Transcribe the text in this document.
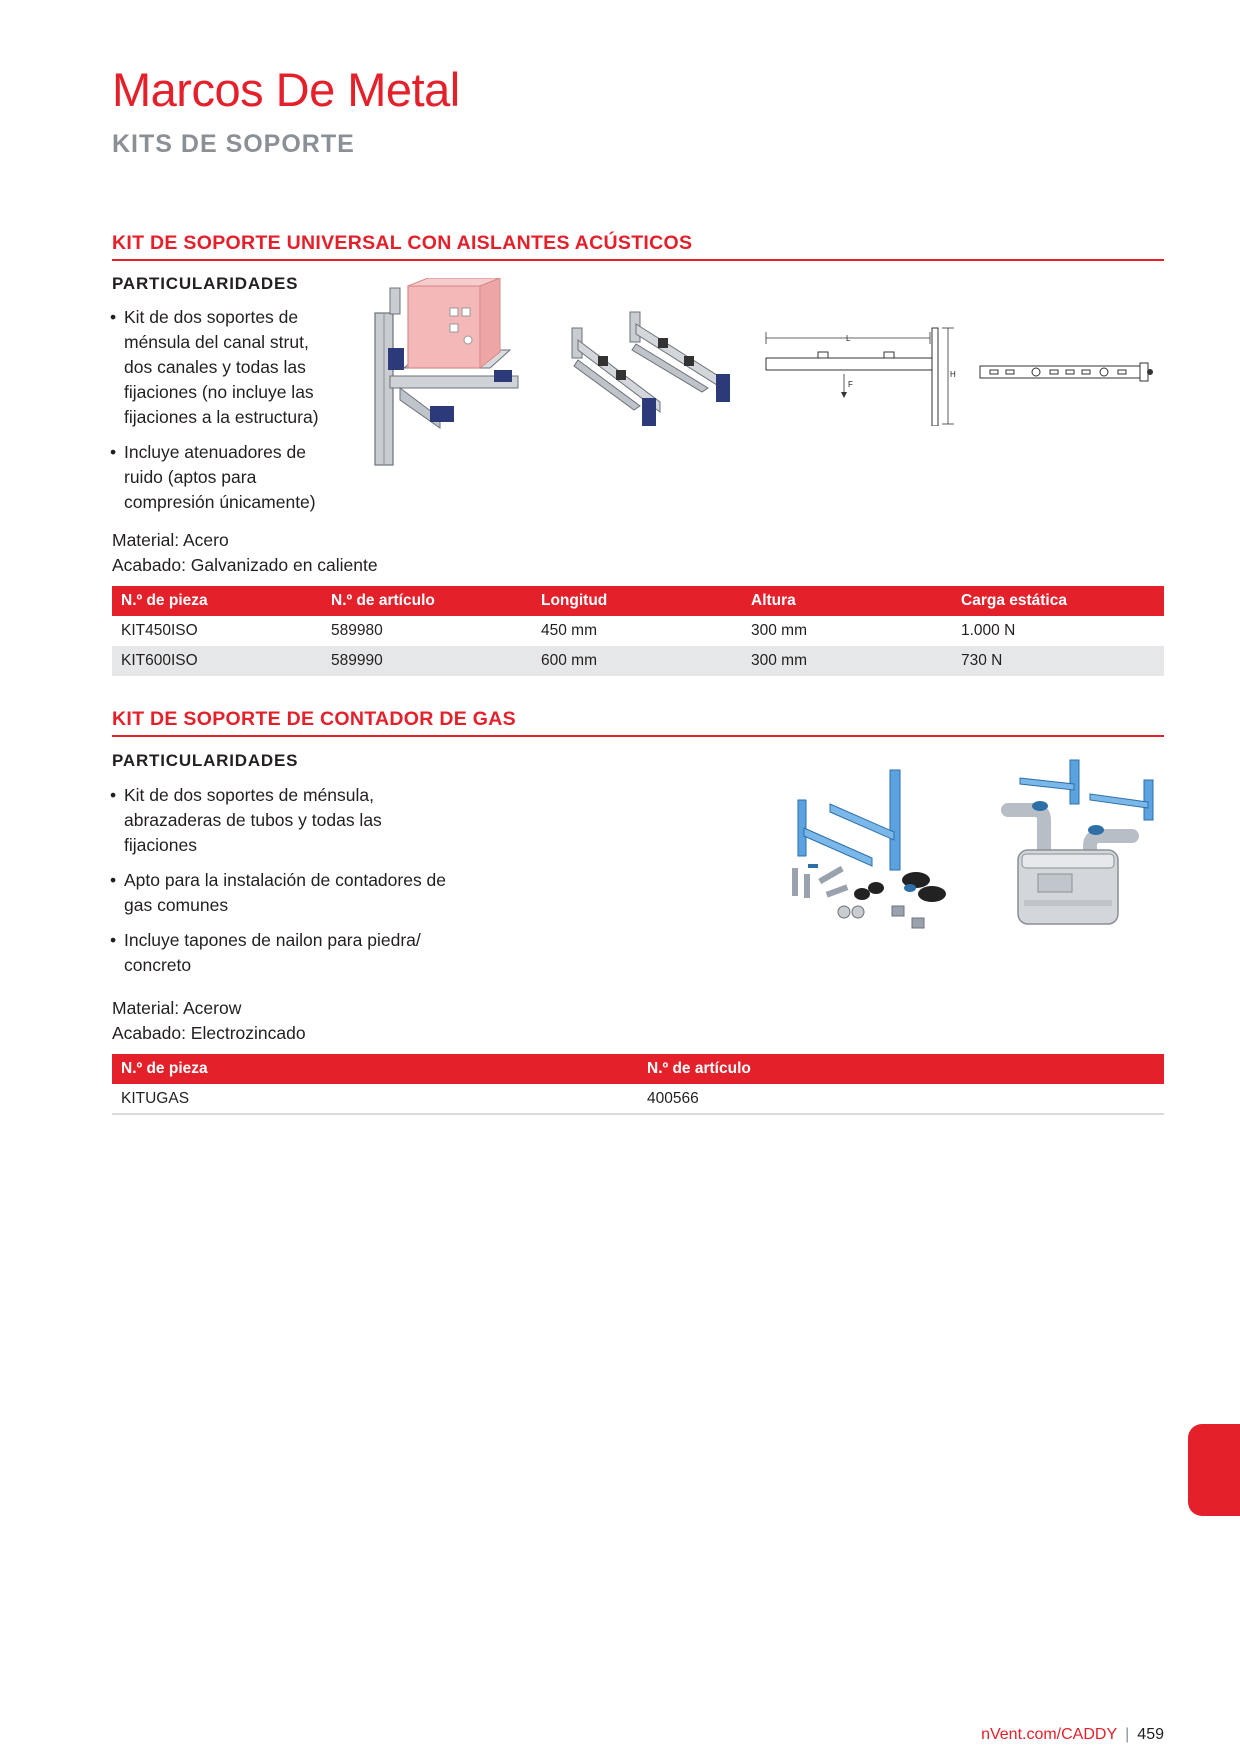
Marcos De Metal
KITS DE SOPORTE
KIT DE SOPORTE UNIVERSAL CON AISLANTES ACÚSTICOS
PARTICULARIDADES
• Kit de dos soportes de ménsula del canal strut, dos canales y todas las fijaciones (no incluye las fijaciones a la estructura)
• Incluye atenuadores de ruido (aptos para compresión únicamente)
Material: Acero
Acabado: Galvanizado en caliente
L
H
F
N.º de pieza	N.º de artículo	Longitud	Altura	Carga estática
KIT450ISO	589980	450 mm	300 mm	1.000 N
KIT600ISO	589990	600 mm	300 mm	730 N
KIT DE SOPORTE DE CONTADOR DE GAS
PARTICULARIDADES
• Kit de dos soportes de ménsula, abrazaderas de tubos y todas las fijaciones
• Apto para la instalación de contadores de gas comunes
• Incluye tapones de nailon para piedra/ concreto
Material: Acerow
Acabado: Electrozincado
N.º de pieza	N.º de artículo
KITUGAS	400566
nVent.com/CADDY | 459
